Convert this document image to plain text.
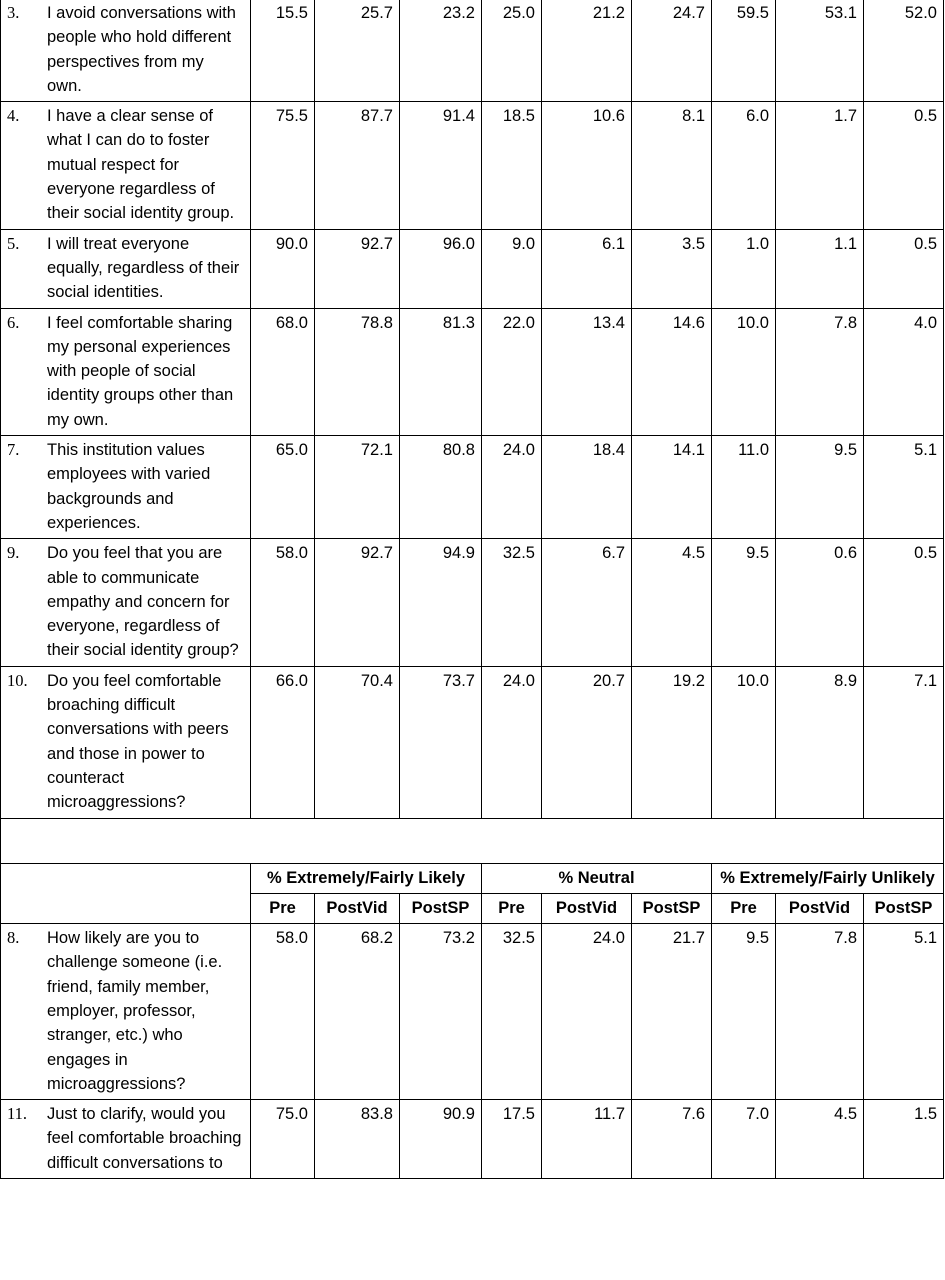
3. I avoid conversations with people who hold different perspectives from my own.	15.5	25.7	23.2	25.0	21.2	24.7	59.5	53.1	52.0
4. I have a clear sense of what I can do to foster mutual respect for everyone regardless of their social identity group.	75.5	87.7	91.4	18.5	10.6	8.1	6.0	1.7	0.5
5. I will treat everyone equally, regardless of their social identities.	90.0	92.7	96.0	9.0	6.1	3.5	1.0	1.1	0.5
6. I feel comfortable sharing my personal experiences with people of social identity groups other than my own.	68.0	78.8	81.3	22.0	13.4	14.6	10.0	7.8	4.0
7. This institution values employees with varied backgrounds and experiences.	65.0	72.1	80.8	24.0	18.4	14.1	11.0	9.5	5.1
9. Do you feel that you are able to communicate empathy and concern for everyone, regardless of their social identity group?	58.0	92.7	94.9	32.5	6.7	4.5	9.5	0.6	0.5
10. Do you feel comfortable broaching difficult conversations with peers and those in power to counteract microaggressions?	66.0	70.4	73.7	24.0	20.7	19.2	10.0	8.9	7.1

	% Extremely/Fairly Likely			% Neutral			% Extremely/Fairly Unlikely		
	Pre	PostVid	PostSP	Pre	PostVid	PostSP	Pre	PostVid	PostSP
8. How likely are you to challenge someone (i.e. friend, family member, employer, professor, stranger, etc.) who engages in microaggressions?	58.0	68.2	73.2	32.5	24.0	21.7	9.5	7.8	5.1
11. Just to clarify, would you feel comfortable broaching difficult conversations to	75.0	83.8	90.9	17.5	11.7	7.6	7.0	4.5	1.5
